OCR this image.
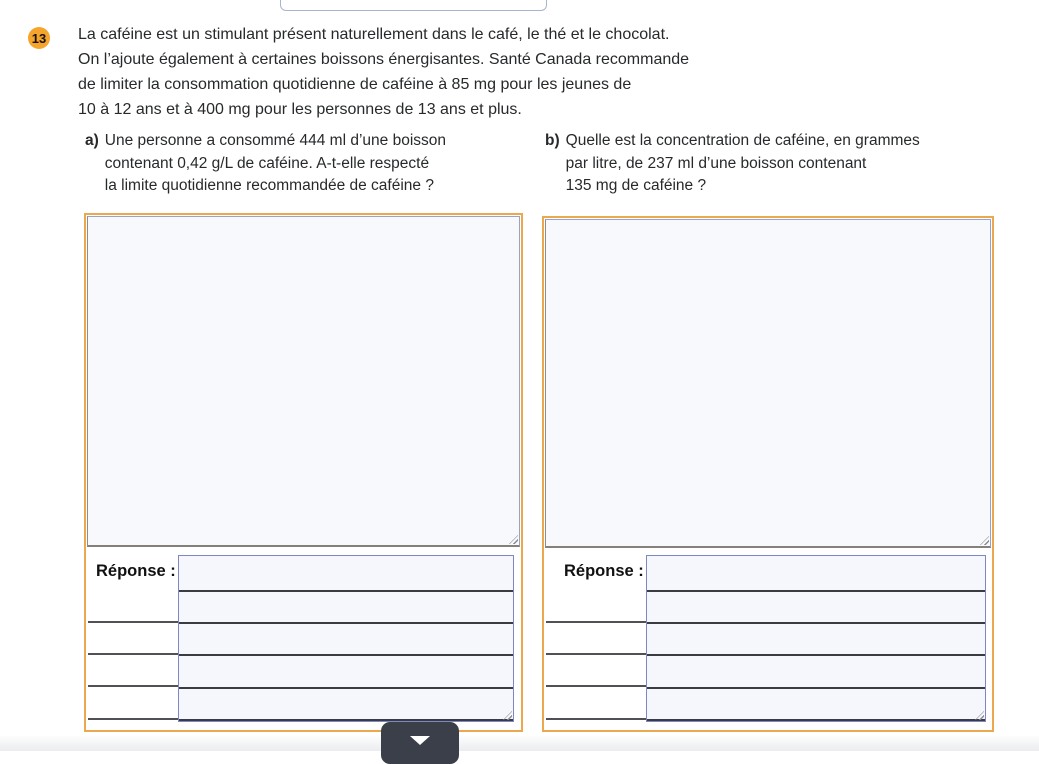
13 La caféine est un stimulant présent naturellement dans le café, le thé et le chocolat.
On l’ajoute également à certaines boissons énergisantes. Santé Canada recommande
de limiter la consommation quotidienne de caféine à 85 mg pour les jeunes de
10 à 12 ans et à 400 mg pour les personnes de 13 ans et plus.
a) Une personne a consommé 444 ml d’une boisson
contenant 0,42 g/L de caféine. A-t-elle respecté
la limite quotidienne recommandée de caféine ?
b) Quelle est la concentration de caféine, en grammes
par litre, de 237 ml d’une boisson contenant
135 mg de caféine ?
Réponse :	Réponse :
